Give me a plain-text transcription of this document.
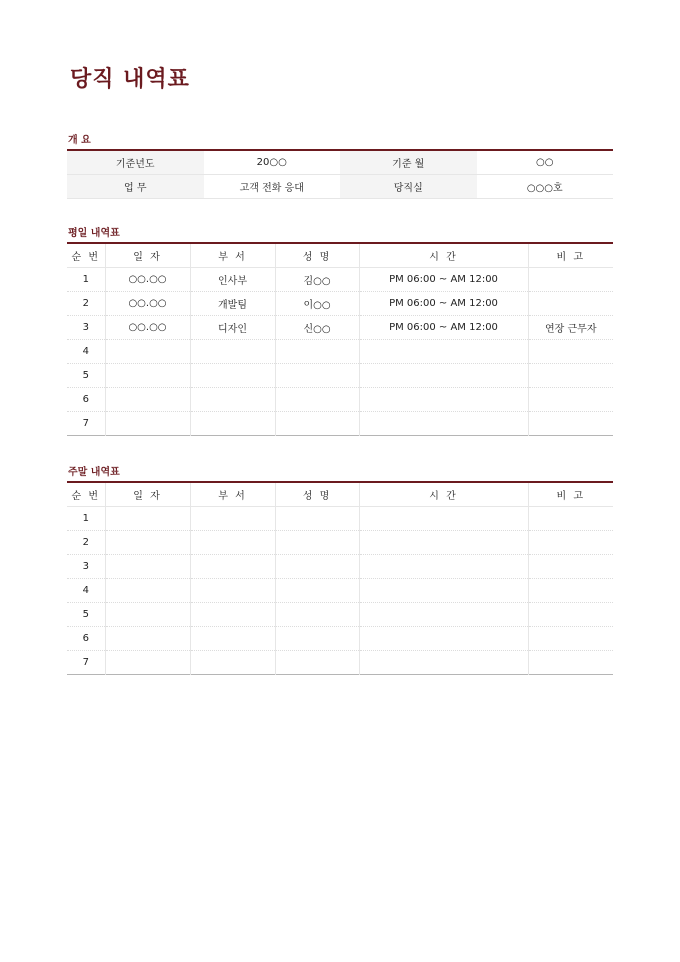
당직 내역표
개 요
기준년도	20○○	기준 월	○○
업 무	고객 전화 응대	당직실	○○○호
평일 내역표
순 번	일 자	부 서	성 명	시 간	비 고
1	○○.○○	인사부	김○○	PM 06:00 ~ AM 12:00	
2	○○.○○	개발팀	이○○	PM 06:00 ~ AM 12:00	
3	○○.○○	디자인	신○○	PM 06:00 ~ AM 12:00	연장 근무자
4					
5					
6					
7					
주말 내역표
순 번	일 자	부 서	성 명	시 간	비 고
1					
2					
3					
4					
5					
6					
7					
